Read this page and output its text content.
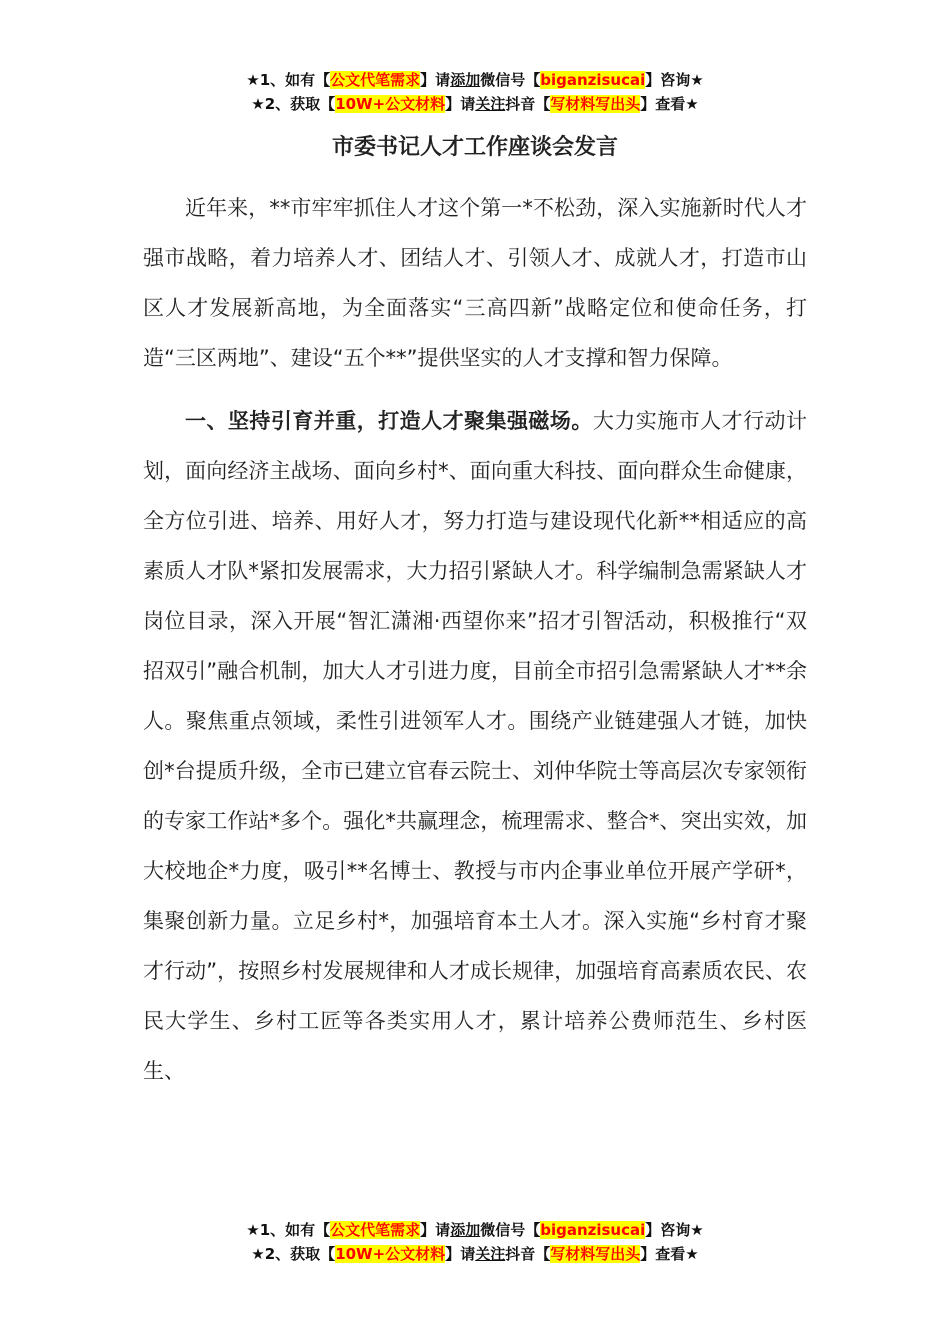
★1、如有【公文代笔需求】请添加微信号【biganzisucai】咨询★
★2、获取【10W+公文材料】请关注抖音【写材料写出头】查看★
市委书记人才工作座谈会发言

近年来，**市牢牢抓住人才这个第一*不松劲，深入实施新时代人才强市战略，着力培养人才、团结人才、引领人才、成就人才，打造市山区人才发展新高地，为全面落实“三高四新”战略定位和使命任务，打造“三区两地”、建设“五个**”提供坚实的人才支撑和智力保障。

一、坚持引育并重，打造人才聚集强磁场。大力实施市人才行动计划，面向经济主战场、面向乡村*、面向重大科技、面向群众生命健康，全方位引进、培养、用好人才，努力打造与建设现代化新**相适应的高素质人才队*紧扣发展需求，大力招引紧缺人才。科学编制急需紧缺人才岗位目录，深入开展“智汇潇湘·西望你来”招才引智活动，积极推行“双招双引”融合机制，加大人才引进力度，目前全市招引急需紧缺人才**余人。聚焦重点领域，柔性引进领军人才。围绕产业链建强人才链，加快创*台提质升级，全市已建立官春云院士、刘仲华院士等高层次专家领衔的专家工作站*多个。强化*共赢理念，梳理需求、整合*、突出实效，加大校地企*力度，吸引**名博士、教授与市内企事业单位开展产学研*，集聚创新力量。立足乡村*，加强培育本土人才。深入实施“乡村育才聚才行动”，按照乡村发展规律和人才成长规律，加强培育高素质农民、农民大学生、乡村工匠等各类实用人才，累计培养公费师范生、乡村医生、

★1、如有【公文代笔需求】请添加微信号【biganzisucai】咨询★
★2、获取【10W+公文材料】请关注抖音【写材料写出头】查看★
